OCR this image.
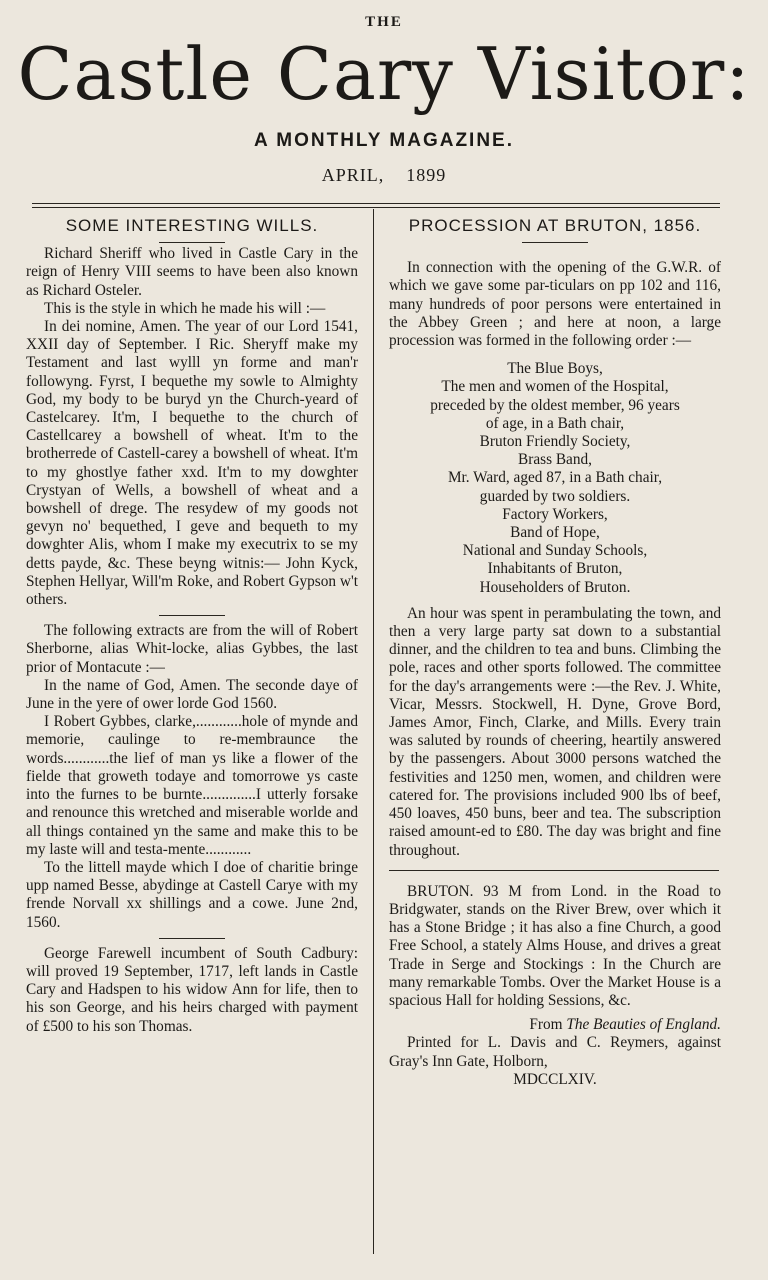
THE
Castle Cary Visitor:
A MONTHLY MAGAZINE.
APRIL, 1899
SOME INTERESTING WILLS.

Richard Sheriff who lived in Castle Cary in the reign of Henry VIII seems to have been also known as Richard Osteler.

This is the style in which he made his will :—

In dei nomine, Amen. The year of our Lord 1541, XXII day of September. I Ric. Sheryff make my Testament and last wylll yn forme and man'r followyng. Fyrst, I bequethe my sowle to Almighty God, my body to be buryd yn the Church-yeard of Castelcarey. It'm, I bequethe to the church of Castellcarey a bowshell of wheat. It'm to the brotherrede of Castell-carey a bowshell of wheat. It'm to my ghostlye father xxd. It'm to my dowghter Crystyan of Wells, a bowshell of wheat and a bowshell of drege. The resydew of my goods not gevyn no' bequethed, I geve and bequeth to my dowghter Alis, whom I make my executrix to se my detts payde, &c. These beyng witnis:— John Kyck, Stephen Hellyar, Will'm Roke, and Robert Gypson w't others.

The following extracts are from the will of Robert Sherborne, alias Whit-locke, alias Gybbes, the last prior of Montacute :—

In the name of God, Amen. The seconde daye of June in the yere of ower lorde God 1560.

I Robert Gybbes, clarke,............hole of mynde and memorie, caulinge to re-membraunce the words............the lief of man ys like a flower of the fielde that groweth todaye and tomorrowe ys caste into the furnes to be burnte..............I utterly forsake and renounce this wretched and miserable worlde and all things contained yn the same and make this to be my laste will and testa-mente............

To the littell mayde which I doe of charitie bringe upp named Besse, abydinge at Castell Carye with my frende Norvall xx shillings and a cowe. June 2nd, 1560.

George Farewell incumbent of South Cadbury: will proved 19 September, 1717, left lands in Castle Cary and Hadspen to his widow Ann for life, then to his son George, and his heirs charged with payment of £500 to his son Thomas.

PROCESSION AT BRUTON, 1856.

In connection with the opening of the G.W.R. of which we gave some par-ticulars on pp 102 and 116, many hundreds of poor persons were entertained in the Abbey Green ; and here at noon, a large procession was formed in the following order :—

The Blue Boys,
The men and women of the Hospital,
preceded by the oldest member, 96 years
of age, in a Bath chair,
Bruton Friendly Society,
Brass Band,
Mr. Ward, aged 87, in a Bath chair,
guarded by two soldiers.
Factory Workers,
Band of Hope,
National and Sunday Schools,
Inhabitants of Bruton,
Householders of Bruton.

An hour was spent in perambulating the town, and then a very large party sat down to a substantial dinner, and the children to tea and buns. Climbing the pole, races and other sports followed. The committee for the day's arrangements were :—the Rev. J. White, Vicar, Messrs. Stockwell, H. Dyne, Grove Bord, James Amor, Finch, Clarke, and Mills. Every train was saluted by rounds of cheering, heartily answered by the passengers. About 3000 persons watched the festivities and 1250 men, women, and children were catered for. The provisions included 900 lbs of beef, 450 loaves, 450 buns, beer and tea. The subscription raised amount-ed to £80. The day was bright and fine throughout.

BRUTON. 93 M from Lond. in the Road to Bridgwater, stands on the River Brew, over which it has a Stone Bridge ; it has also a fine Church, a good Free School, a stately Alms House, and drives a great Trade in Serge and Stockings : In the Church are many remarkable Tombs. Over the Market House is a spacious Hall for holding Sessions, &c.

From The Beauties of England.

Printed for L. Davis and C. Reymers, against Gray's Inn Gate, Holborn,

MDCCLXIV.
